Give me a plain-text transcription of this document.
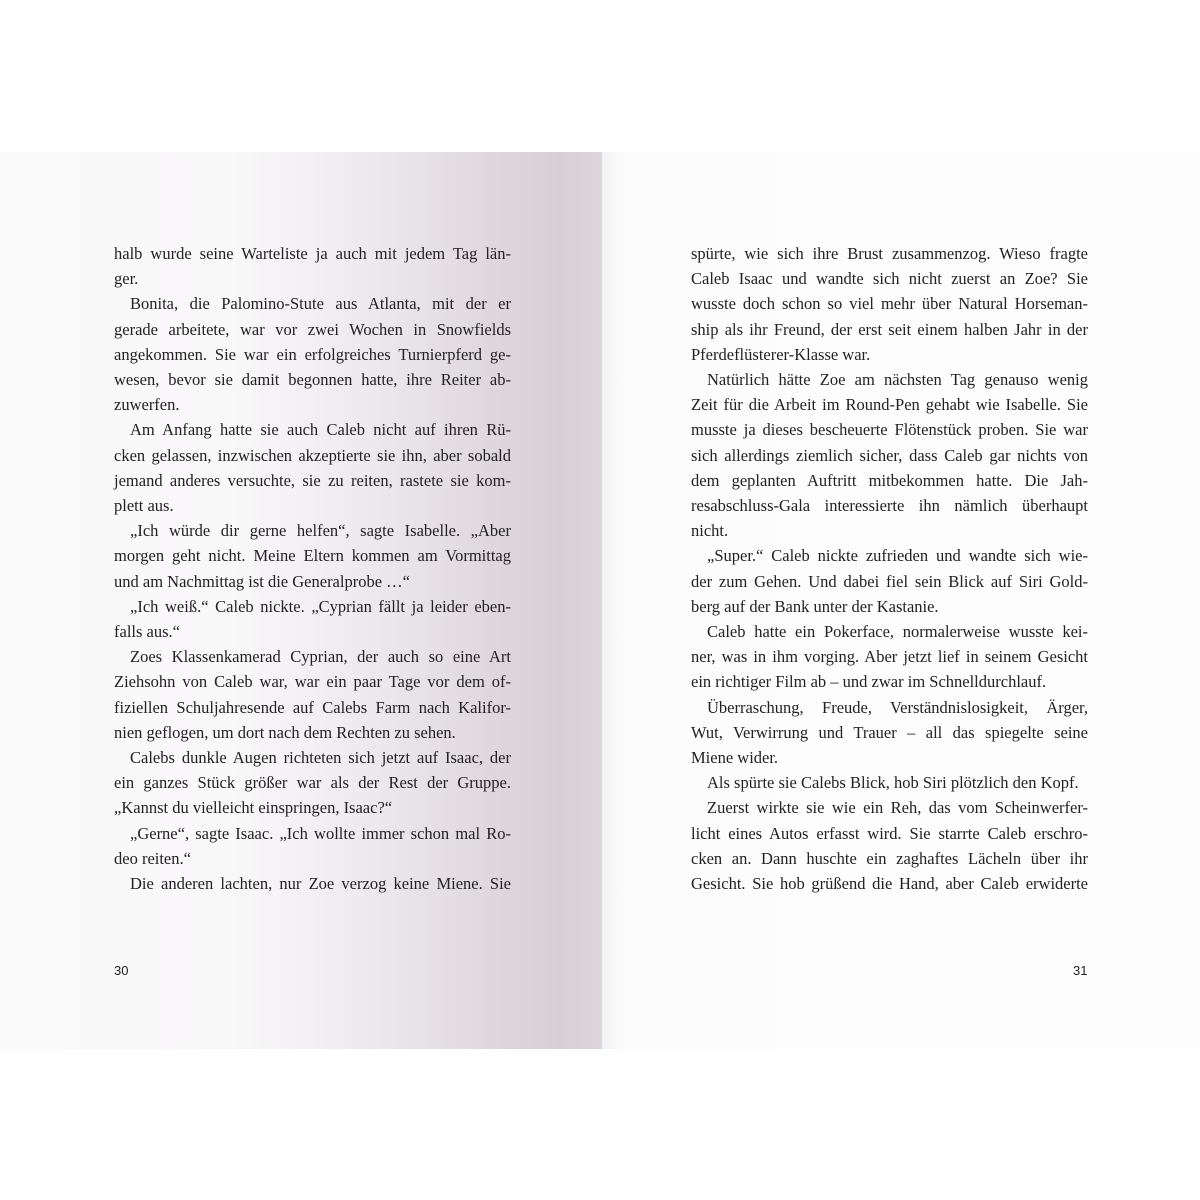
halb wurde seine Warteliste ja auch mit jedem Tag län-
ger.
Bonita, die Palomino-Stute aus Atlanta, mit der er
gerade arbeitete, war vor zwei Wochen in Snowfields
angekommen. Sie war ein erfolgreiches Turnierpferd ge-
wesen, bevor sie damit begonnen hatte, ihre Reiter ab-
zuwerfen.
Am Anfang hatte sie auch Caleb nicht auf ihren Rü-
cken gelassen, inzwischen akzeptierte sie ihn, aber sobald
jemand anderes versuchte, sie zu reiten, rastete sie kom-
plett aus.
„Ich würde dir gerne helfen“, sagte Isabelle. „Aber
morgen geht nicht. Meine Eltern kommen am Vormittag
und am Nachmittag ist die Generalprobe …“
„Ich weiß.“ Caleb nickte. „Cyprian fällt ja leider eben-
falls aus.“
Zoes Klassenkamerad Cyprian, der auch so eine Art
Ziehsohn von Caleb war, war ein paar Tage vor dem of-
fiziellen Schuljahresende auf Calebs Farm nach Kalifor-
nien geflogen, um dort nach dem Rechten zu sehen.
Calebs dunkle Augen richteten sich jetzt auf Isaac, der
ein ganzes Stück größer war als der Rest der Gruppe.
„Kannst du vielleicht einspringen, Isaac?“
„Gerne“, sagte Isaac. „Ich wollte immer schon mal Ro-
deo reiten.“
Die anderen lachten, nur Zoe verzog keine Miene. Sie
30
spürte, wie sich ihre Brust zusammenzog. Wieso fragte
Caleb Isaac und wandte sich nicht zuerst an Zoe? Sie
wusste doch schon so viel mehr über Natural Horseman-
ship als ihr Freund, der erst seit einem halben Jahr in der
Pferdeflüsterer-Klasse war.
Natürlich hätte Zoe am nächsten Tag genauso wenig
Zeit für die Arbeit im Round-Pen gehabt wie Isabelle. Sie
musste ja dieses bescheuerte Flötenstück proben. Sie war
sich allerdings ziemlich sicher, dass Caleb gar nichts von
dem geplanten Auftritt mitbekommen hatte. Die Jah-
resabschluss-Gala interessierte ihn nämlich überhaupt
nicht.
„Super.“ Caleb nickte zufrieden und wandte sich wie-
der zum Gehen. Und dabei fiel sein Blick auf Siri Gold-
berg auf der Bank unter der Kastanie.
Caleb hatte ein Pokerface, normalerweise wusste kei-
ner, was in ihm vorging. Aber jetzt lief in seinem Gesicht
ein richtiger Film ab – und zwar im Schnelldurchlauf.
Überraschung, Freude, Verständnislosigkeit, Ärger,
Wut, Verwirrung und Trauer – all das spiegelte seine
Miene wider.
Als spürte sie Calebs Blick, hob Siri plötzlich den Kopf.
Zuerst wirkte sie wie ein Reh, das vom Scheinwerfer-
licht eines Autos erfasst wird. Sie starrte Caleb erschro-
cken an. Dann huschte ein zaghaftes Lächeln über ihr
Gesicht. Sie hob grüßend die Hand, aber Caleb erwiderte
31
